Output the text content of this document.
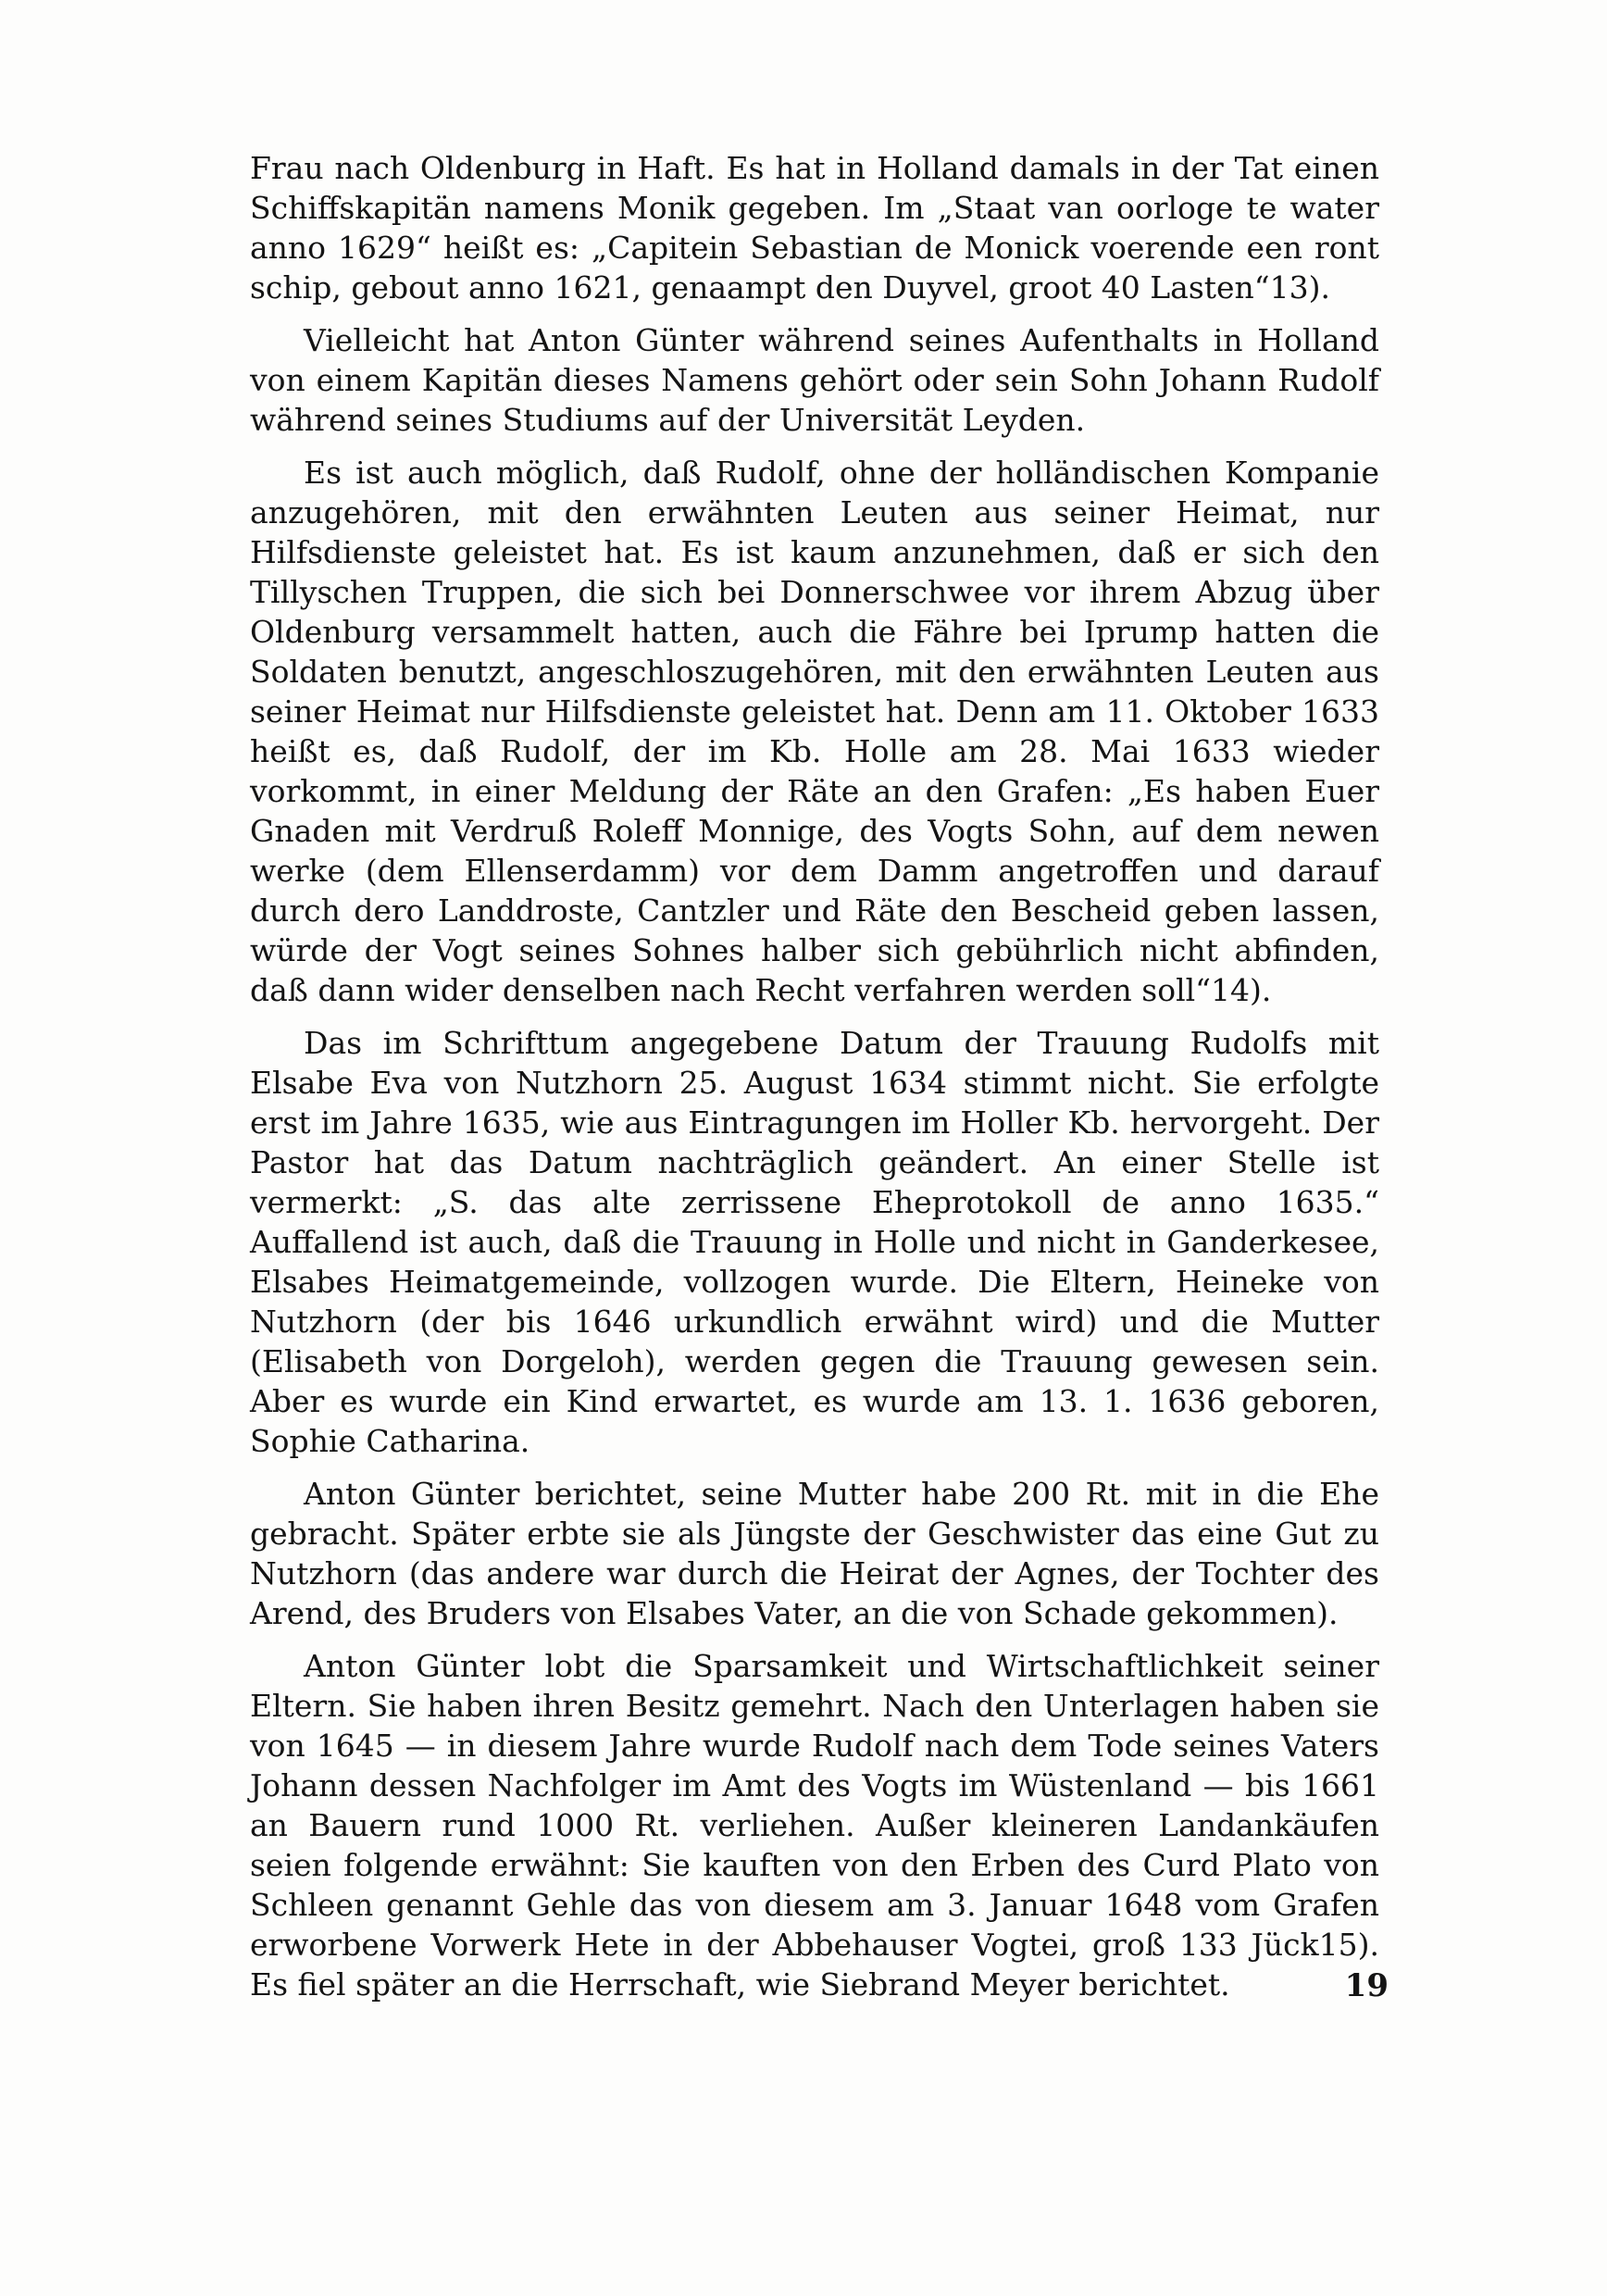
Frau nach Oldenburg in Haft. Es hat in Holland damals in der Tat einen Schiffskapitän namens Monik gegeben. Im „Staat van oorloge te water anno 1629“ heißt es: „Capitein Sebastian de Monick voerende een ront schip, gebout anno 1621, genaampt den Duyvel, groot 40 Lasten“13).

Vielleicht hat Anton Günter während seines Aufenthalts in Holland von einem Kapitän dieses Namens gehört oder sein Sohn Johann Rudolf während seines Studiums auf der Universität Leyden.

Es ist auch möglich, daß Rudolf, ohne der holländischen Kompanie anzugehören, mit den erwähnten Leuten aus seiner Heimat, nur Hilfsdienste geleistet hat. Es ist kaum anzunehmen, daß er sich den Tillyschen Truppen, die sich bei Donnerschwee vor ihrem Abzug über Oldenburg versammelt hatten, auch die Fähre bei Iprump hatten die Soldaten benutzt, angeschloszugehören, mit den erwähnten Leuten aus seiner Heimat nur Hilfsdienste geleistet hat. Denn am 11. Oktober 1633 heißt es, daß Rudolf, der im Kb. Holle am 28. Mai 1633 wieder vorkommt, in einer Meldung der Räte an den Grafen: „Es haben Euer Gnaden mit Verdruß Roleff Monnige, des Vogts Sohn, auf dem newen werke (dem Ellenserdamm) vor dem Damm angetroffen und darauf durch dero Landdroste, Cantzler und Räte den Bescheid geben lassen, würde der Vogt seines Sohnes halber sich gebührlich nicht abfinden, daß dann wider denselben nach Recht verfahren werden soll“14).

Das im Schrifttum angegebene Datum der Trauung Rudolfs mit Elsabe Eva von Nutzhorn 25. August 1634 stimmt nicht. Sie erfolgte erst im Jahre 1635, wie aus Eintragungen im Holler Kb. hervorgeht. Der Pastor hat das Datum nachträglich geändert. An einer Stelle ist vermerkt: „S. das alte zerrissene Eheprotokoll de anno 1635.“ Auffallend ist auch, daß die Trauung in Holle und nicht in Ganderkesee, Elsabes Heimatgemeinde, vollzogen wurde. Die Eltern, Heineke von Nutzhorn (der bis 1646 urkundlich erwähnt wird) und die Mutter (Elisabeth von Dorgeloh), werden gegen die Trauung gewesen sein. Aber es wurde ein Kind erwartet, es wurde am 13. 1. 1636 geboren, Sophie Catharina.

Anton Günter berichtet, seine Mutter habe 200 Rt. mit in die Ehe gebracht. Später erbte sie als Jüngste der Geschwister das eine Gut zu Nutzhorn (das andere war durch die Heirat der Agnes, der Tochter des Arend, des Bruders von Elsabes Vater, an die von Schade gekommen).

Anton Günter lobt die Sparsamkeit und Wirtschaftlichkeit seiner Eltern. Sie haben ihren Besitz gemehrt. Nach den Unterlagen haben sie von 1645 — in diesem Jahre wurde Rudolf nach dem Tode seines Vaters Johann dessen Nachfolger im Amt des Vogts im Wüstenland — bis 1661 an Bauern rund 1000 Rt. verliehen. Außer kleineren Landankäufen seien folgende erwähnt: Sie kauften von den Erben des Curd Plato von Schleen genannt Gehle das von diesem am 3. Januar 1648 vom Grafen erworbene Vorwerk Hete in der Abbehauser Vogtei, groß 133 Jück15). Es fiel später an die Herrschaft, wie Siebrand Meyer berichtet.	19
